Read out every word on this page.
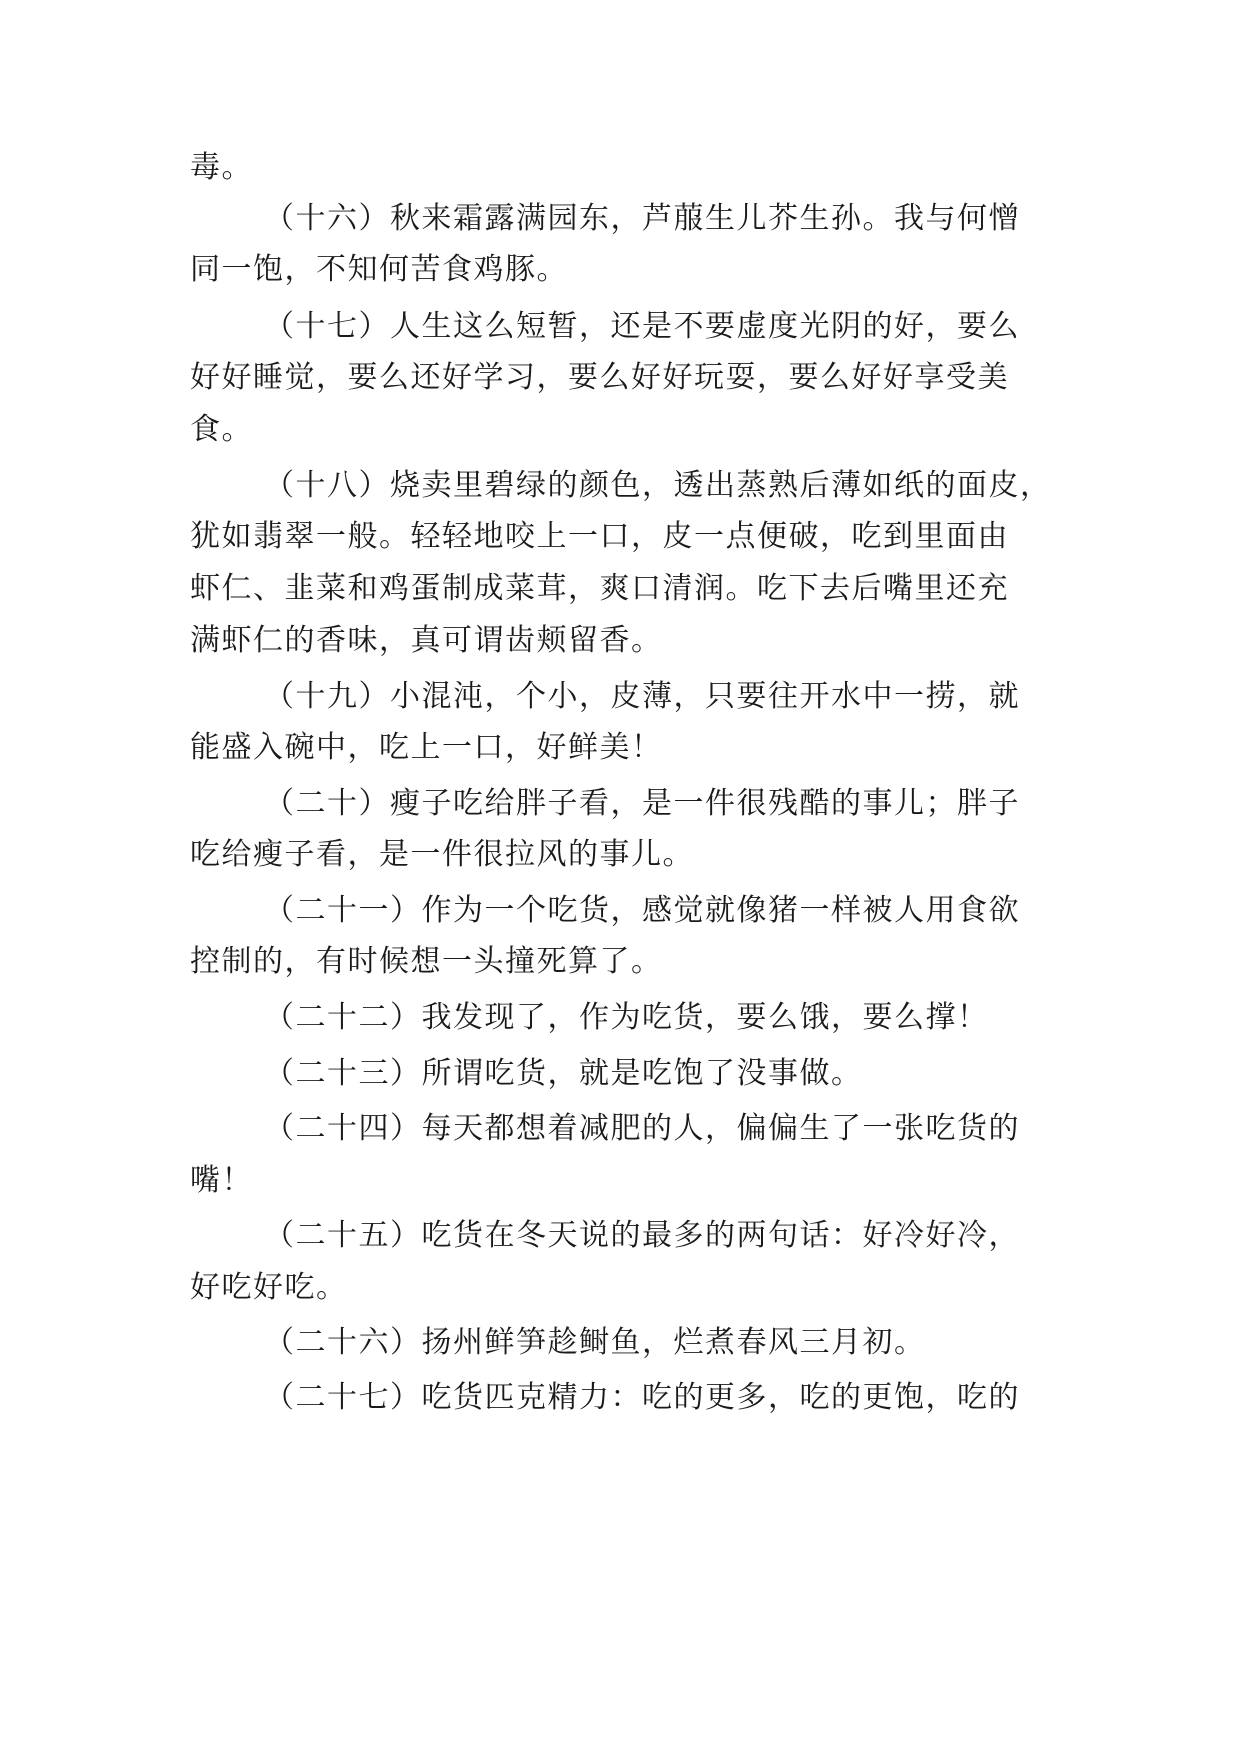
毒。
（十六）秋来霜露满园东，芦菔生儿芥生孙。我与何憎
同一饱，不知何苦食鸡豚。
（十七）人生这么短暂，还是不要虚度光阴的好，要么
好好睡觉，要么还好学习，要么好好玩耍，要么好好享受美
食。
（十八）烧卖里碧绿的颜色，透出蒸熟后薄如纸的面皮，
犹如翡翠一般。轻轻地咬上一口，皮一点便破，吃到里面由
虾仁、韭菜和鸡蛋制成菜茸，爽口清润。吃下去后嘴里还充
满虾仁的香味，真可谓齿颊留香。
（十九）小混沌，个小，皮薄，只要往开水中一捞，就
能盛入碗中，吃上一口，好鲜美！
（二十）瘦子吃给胖子看，是一件很残酷的事儿；胖子
吃给瘦子看，是一件很拉风的事儿。
（二十一）作为一个吃货，感觉就像猪一样被人用食欲
控制的，有时候想一头撞死算了。
（二十二）我发现了，作为吃货，要么饿，要么撑！
（二十三）所谓吃货，就是吃饱了没事做。
（二十四）每天都想着减肥的人，偏偏生了一张吃货的
嘴！
（二十五）吃货在冬天说的最多的两句话：好冷好冷，
好吃好吃。
（二十六）扬州鲜笋趁鲥鱼，烂煮春风三月初。
（二十七）吃货匹克精力：吃的更多，吃的更饱，吃的
